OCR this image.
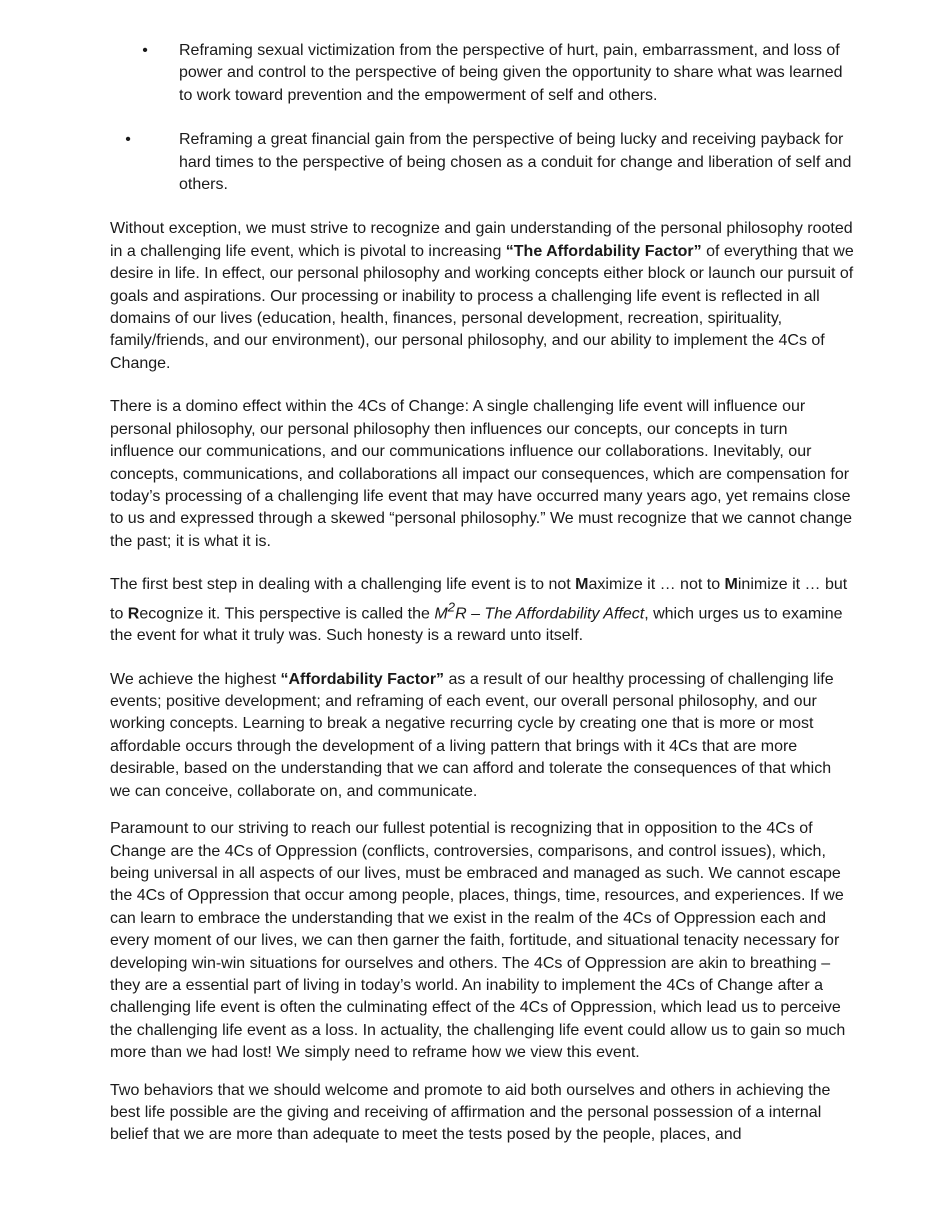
• Reframing sexual victimization from the perspective of hurt, pain, embarrassment, and loss of power and control to the perspective of being given the opportunity to share what was learned to work toward prevention and the empowerment of self and others.
•	Reframing a great financial gain from the perspective of being lucky and receiving payback for hard times to the perspective of being chosen as a conduit for change and liberation of self and others.

Without exception, we must strive to recognize and gain understanding of the personal philosophy rooted in a challenging life event, which is pivotal to increasing “The Affordability Factor” of everything that we desire in life. In effect, our personal philosophy and working concepts either block or launch our pursuit of goals and aspirations. Our processing or inability to process a challenging life event is reflected in all domains of our lives (education, health, finances, personal development, recreation, spirituality, family/friends, and our environment), our personal philosophy, and our ability to implement the 4Cs of Change.

There is a domino effect within the 4Cs of Change: A single challenging life event will influence our personal philosophy, our personal philosophy then influences our concepts, our concepts in turn influence our communications, and our communications influence our collaborations. Inevitably, our concepts, communications, and collaborations all impact our consequences, which are compensation for today’s processing of a challenging life event that may have occurred many years ago, yet remains close to us and expressed through a skewed “personal philosophy.” We must recognize that we cannot change the past; it is what it is.

The first best step in dealing with a challenging life event is to not Maximize it … not to Minimize it … but to Recognize it. This perspective is called the $M^2R$ – The Affordability Affect, which urges us to examine the event for what it truly was. Such honesty is a reward unto itself.

We achieve the highest “Affordability Factor” as a result of our healthy processing of challenging life events; positive development; and reframing of each event, our overall personal philosophy, and our working concepts. Learning to break a negative recurring cycle by creating one that is more or most affordable occurs through the development of a living pattern that brings with it 4Cs that are more desirable, based on the understanding that we can afford and tolerate the consequences of that which we can conceive, collaborate on, and communicate.

Paramount to our striving to reach our fullest potential is recognizing that in opposition to the 4Cs of Change are the 4Cs of Oppression (conflicts, controversies, comparisons, and control issues), which, being universal in all aspects of our lives, must be embraced and managed as such. We cannot escape the 4Cs of Oppression that occur among people, places, things, time, resources, and experiences. If we can learn to embrace the understanding that we exist in the realm of the 4Cs of Oppression each and every moment of our lives, we can then garner the faith, fortitude, and situational tenacity necessary for developing win-win situations for ourselves and others. The 4Cs of Oppression are akin to breathing – they are a essential part of living in today’s world. An inability to implement the 4Cs of Change after a challenging life event is often the culminating effect of the 4Cs of Oppression, which lead us to perceive the challenging life event as a loss. In actuality, the challenging life event could allow us to gain so much more than we had lost! We simply need to reframe how we view this event.

Two behaviors that we should welcome and promote to aid both ourselves and others in achieving the best life possible are the giving and receiving of affirmation and the personal possession of a internal belief that we are more than adequate to meet the tests posed by the people, places, and
